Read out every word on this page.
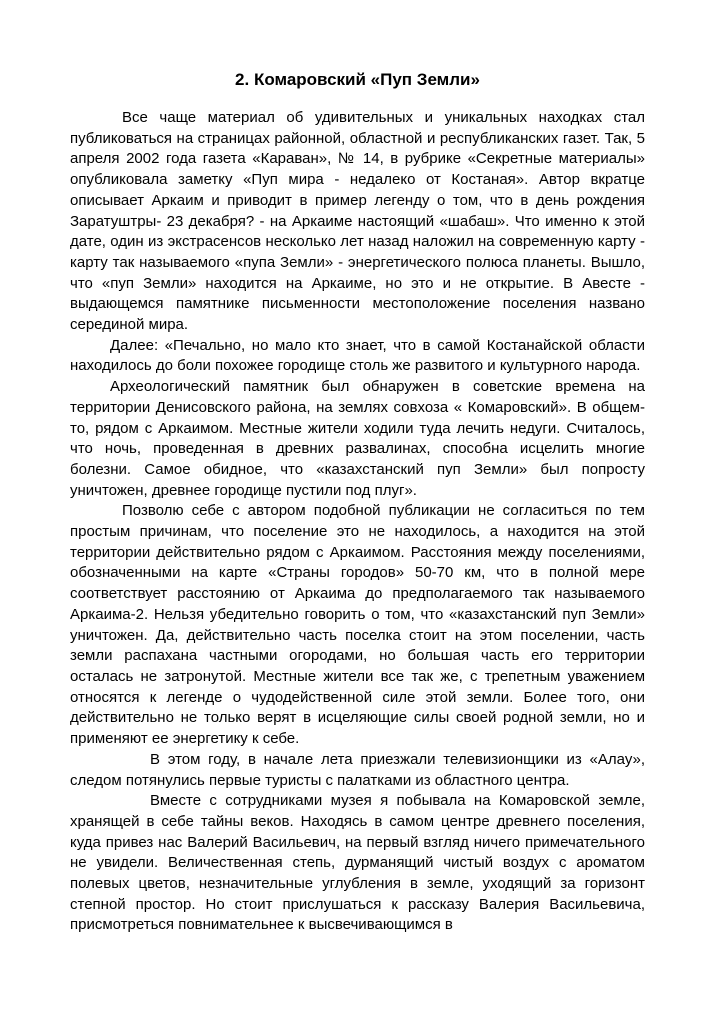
2. Комаровский «Пуп Земли»

Все чаще материал об удивительных и уникальных находках стал публиковаться на страницах районной, областной и республиканских газет. Так, 5 апреля 2002 года газета «Караван», № 14, в рубрике «Секретные материалы» опубликовала заметку «Пуп мира - недалеко от Костаная». Автор вкратце описывает Аркаим и приводит в пример легенду о том, что в день рождения Заратуштры- 23 декабря? - на Аркаиме настоящий «шабаш». Что именно к этой дате, один из экстрасенсов несколько лет назад наложил на современную карту - карту так называемого «пупа Земли» - энергетического полюса планеты. Вышло, что «пуп Земли» находится на Аркаиме, но это и не открытие. В Авесте - выдающемся памятнике письменности местоположение поселения названо серединой мира.

Далее: «Печально, но мало кто знает, что в самой Костанайской области находилось до боли похожее городище столь же развитого и культурного народа.

Археологический памятник был обнаружен в советские времена на территории Денисовского района, на землях совхоза « Комаровский». В общем-то, рядом с Аркаимом. Местные жители ходили туда лечить недуги. Считалось, что ночь, проведенная в древних развалинах, способна исцелить многие болезни. Самое обидное, что «казахстанский пуп Земли» был попросту уничтожен, древнее городище пустили под плуг».

Позволю себе с автором подобной публикации не согласиться по тем простым причинам, что поселение это не находилось, а находится на этой территории действительно рядом с Аркаимом. Расстояния между поселениями, обозначенными на карте «Страны городов» 50-70 км, что в полной мере соответствует расстоянию от Аркаима до предполагаемого так называемого Аркаима-2. Нельзя убедительно говорить о том, что «казахстанский пуп Земли» уничтожен. Да, действительно часть поселка стоит на этом поселении, часть земли распахана частными огородами, но большая часть его территории осталась не затронутой. Местные жители все так же, с трепетным уважением относятся к легенде о чудодейственной силе этой земли. Более того, они действительно не только верят в исцеляющие силы своей родной земли, но и применяют ее энергетику к себе.

В этом году, в начале лета приезжали телевизионщики из «Алау», следом потянулись первые туристы с палатками из областного центра.

Вместе с сотрудниками музея я побывала на Комаровской земле, хранящей в себе тайны веков. Находясь в самом центре древнего поселения, куда привез нас Валерий Васильевич, на первый взгляд ничего примечательного не увидели. Величественная степь, дурманящий чистый воздух с ароматом полевых цветов, незначительные углубления в земле, уходящий за горизонт степной простор. Но стоит прислушаться к рассказу Валерия Васильевича, присмотреться повнимательнее к высвечивающимся в
